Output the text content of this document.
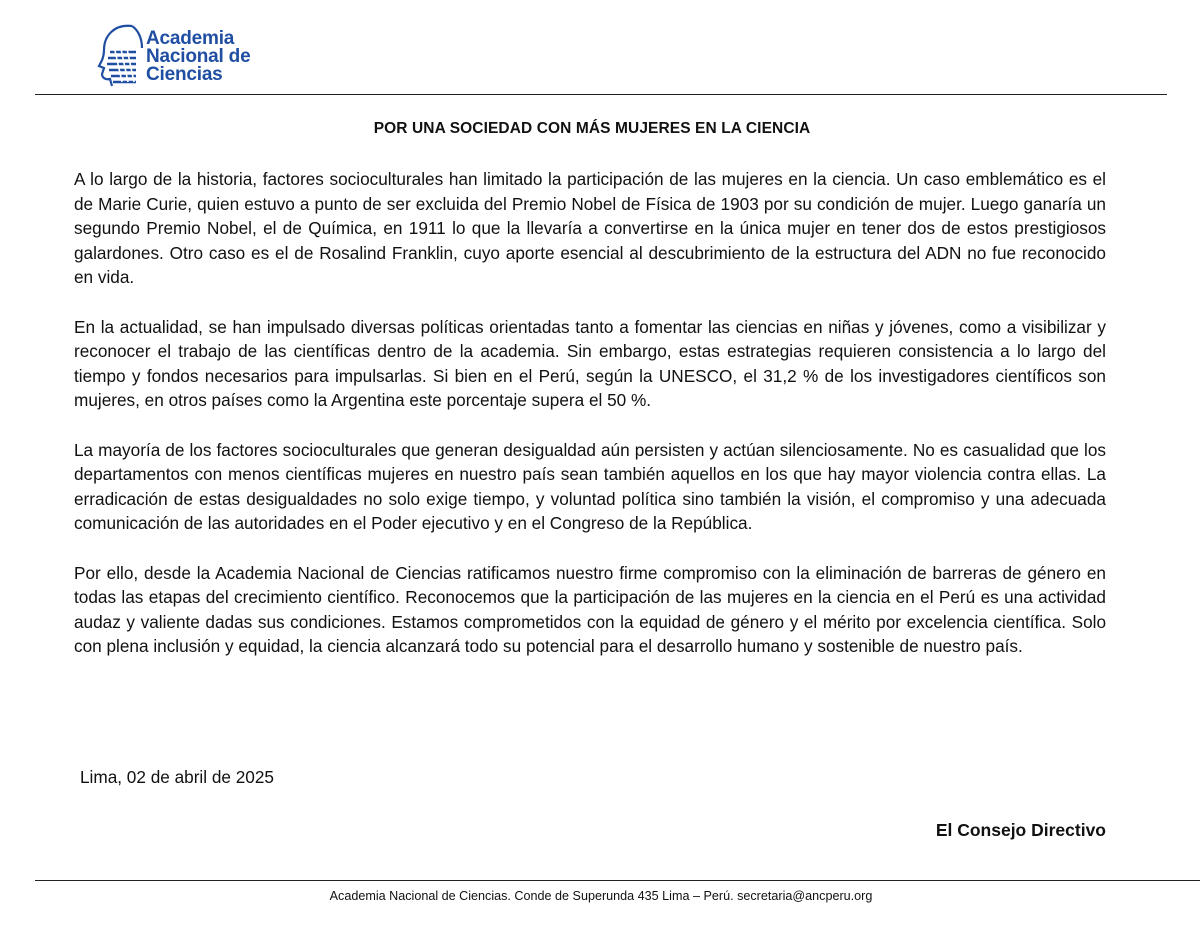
Academia
Nacional de
Ciencias
POR UNA SOCIEDAD CON MÁS MUJERES EN LA CIENCIA

A lo largo de la historia, factores socioculturales han limitado la participación de las mujeres en la ciencia. Un caso emblemático es el de Marie Curie, quien estuvo a punto de ser excluida del Premio Nobel de Física de 1903 por su condición de mujer. Luego ganaría un segundo Premio Nobel, el de Química, en 1911 lo que la llevaría a convertirse en la única mujer en tener dos de estos prestigiosos galardones. Otro caso es el de Rosalind Franklin, cuyo aporte esencial al descubrimiento de la estructura del ADN no fue reconocido en vida.

En la actualidad, se han impulsado diversas políticas orientadas tanto a fomentar las ciencias en niñas y jóvenes, como a visibilizar y reconocer el trabajo de las científicas dentro de la academia. Sin embargo, estas estrategias requieren consistencia a lo largo del tiempo y fondos necesarios para impulsarlas. Si bien en el Perú, según la UNESCO, el 31,2 % de los investigadores científicos son mujeres, en otros países como la Argentina este porcentaje supera el 50 %.

La mayoría de los factores socioculturales que generan desigualdad aún persisten y actúan silenciosamente. No es casualidad que los departamentos con menos científicas mujeres en nuestro país sean también aquellos en los que hay mayor violencia contra ellas. La erradicación de estas desigualdades no solo exige tiempo, y voluntad política sino también la visión, el compromiso y una adecuada comunicación de las autoridades en el Poder ejecutivo y en el Congreso de la República.

Por ello, desde la Academia Nacional de Ciencias ratificamos nuestro firme compromiso con la eliminación de barreras de género en todas las etapas del crecimiento científico. Reconocemos que la participación de las mujeres en la ciencia en el Perú es una actividad audaz y valiente dadas sus condiciones. Estamos comprometidos con la equidad de género y el mérito por excelencia científica. Solo con plena inclusión y equidad, la ciencia alcanzará todo su potencial para el desarrollo humano y sostenible de nuestro país.

Lima, 02 de abril de 2025
El Consejo Directivo
Academia Nacional de Ciencias. Conde de Superunda 435 Lima – Perú. secretaria@ancperu.org
